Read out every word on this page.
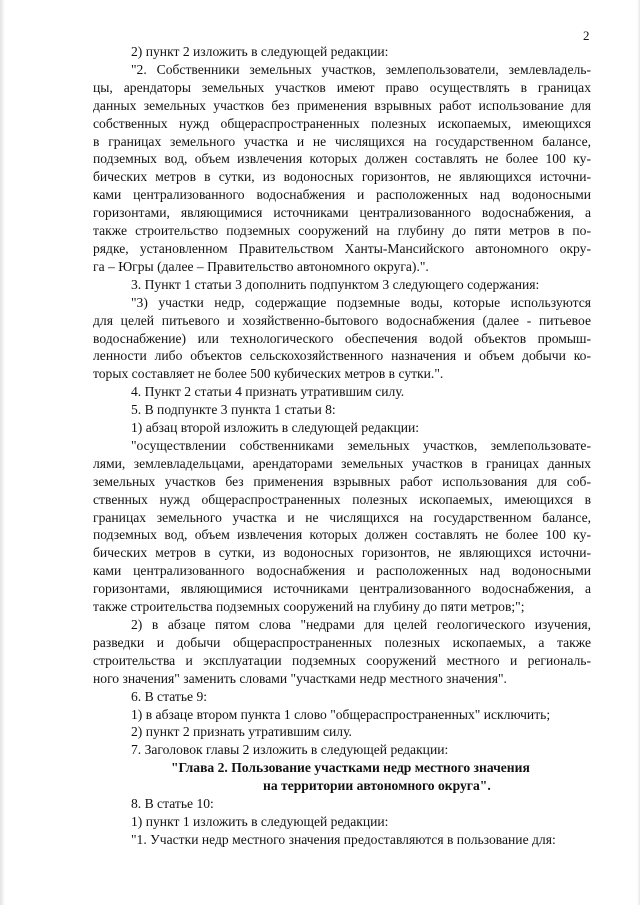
2
2) пункт 2 изложить в следующей редакции:
"2. Собственники земельных участков, землепользователи, землевладель-
цы, арендаторы земельных участков имеют право осуществлять в границах
данных земельных участков без применения взрывных работ использование для
собственных нужд общераспространенных полезных ископаемых, имеющихся
в границах земельного участка и не числящихся на государственном балансе,
подземных вод, объем извлечения которых должен составлять не более 100 ку-
бических метров в сутки, из водоносных горизонтов, не являющихся источни-
ками централизованного водоснабжения и расположенных над водоносными
горизонтами, являющимися источниками централизованного водоснабжения, а
также строительство подземных сооружений на глубину до пяти метров в по-
рядке, установленном Правительством Ханты-Мансийского автономного окру-
га – Югры (далее – Правительство автономного округа).".
3. Пункт 1 статьи 3 дополнить подпунктом 3 следующего содержания:
"3) участки недр, содержащие подземные воды, которые используются
для целей питьевого и хозяйственно-бытового водоснабжения (далее - питьевое
водоснабжение) или технологического обеспечения водой объектов промыш-
ленности либо объектов сельскохозяйственного назначения и объем добычи ко-
торых составляет не более 500 кубических метров в сутки.".
4. Пункт 2 статьи 4 признать утратившим силу.
5. В подпункте 3 пункта 1 статьи 8:
1) абзац второй изложить в следующей редакции:
"осуществлении собственниками земельных участков, землепользовате-
лями, землевладельцами, арендаторами земельных участков в границах данных
земельных участков без применения взрывных работ использования для соб-
ственных нужд общераспространенных полезных ископаемых, имеющихся в
границах земельного участка и не числящихся на государственном балансе,
подземных вод, объем извлечения которых должен составлять не более 100 ку-
бических метров в сутки, из водоносных горизонтов, не являющихся источни-
ками централизованного водоснабжения и расположенных над водоносными
горизонтами, являющимися источниками централизованного водоснабжения, а
также строительства подземных сооружений на глубину до пяти метров;";
2) в абзаце пятом слова "недрами для целей геологического изучения,
разведки и добычи общераспространенных полезных ископаемых, а также
строительства и эксплуатации подземных сооружений местного и региональ-
ного значения" заменить словами "участками недр местного значения".
6. В статье 9:
1) в абзаце втором пункта 1 слово "общераспространенных" исключить;
2) пункт 2 признать утратившим силу.
7. Заголовок главы 2 изложить в следующей редакции:
"Глава 2. Пользование участками недр местного значения
на территории автономного округа".
8. В статье 10:
1) пункт 1 изложить в следующей редакции:
"1. Участки недр местного значения предоставляются в пользование для:
